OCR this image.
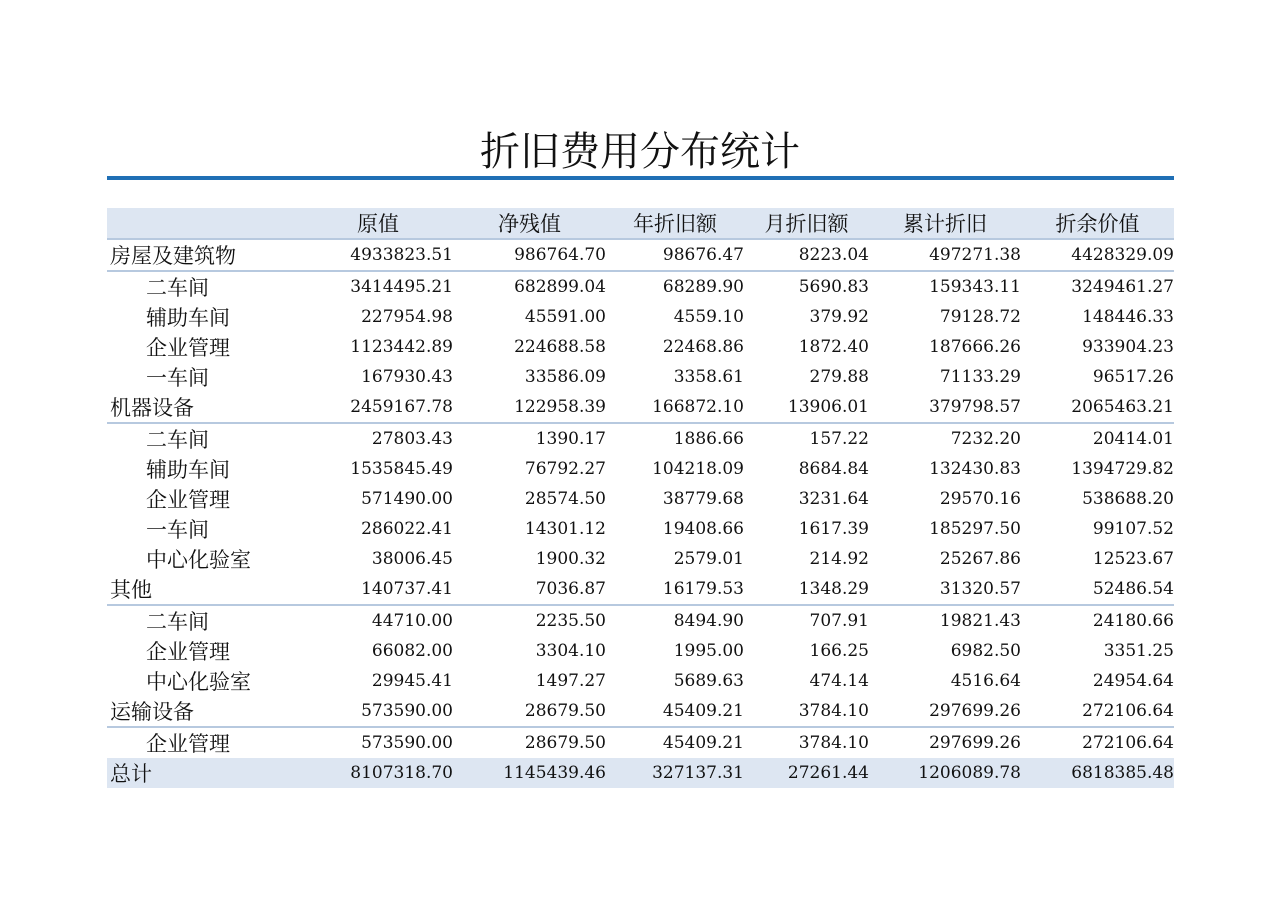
折旧费用分布统计
	原值	净残值	年折旧额	月折旧额	累计折旧	折余价值
房屋及建筑物	4933823.51	986764.70	98676.47	8223.04	497271.38	4428329.09
二车间	3414495.21	682899.04	68289.90	5690.83	159343.11	3249461.27
辅助车间	227954.98	45591.00	4559.10	379.92	79128.72	148446.33
企业管理	1123442.89	224688.58	22468.86	1872.40	187666.26	933904.23
一车间	167930.43	33586.09	3358.61	279.88	71133.29	96517.26
机器设备	2459167.78	122958.39	166872.10	13906.01	379798.57	2065463.21
二车间	27803.43	1390.17	1886.66	157.22	7232.20	20414.01
辅助车间	1535845.49	76792.27	104218.09	8684.84	132430.83	1394729.82
企业管理	571490.00	28574.50	38779.68	3231.64	29570.16	538688.20
一车间	286022.41	14301.12	19408.66	1617.39	185297.50	99107.52
中心化验室	38006.45	1900.32	2579.01	214.92	25267.86	12523.67
其他	140737.41	7036.87	16179.53	1348.29	31320.57	52486.54
二车间	44710.00	2235.50	8494.90	707.91	19821.43	24180.66
企业管理	66082.00	3304.10	1995.00	166.25	6982.50	3351.25
中心化验室	29945.41	1497.27	5689.63	474.14	4516.64	24954.64
运输设备	573590.00	28679.50	45409.21	3784.10	297699.26	272106.64
企业管理	573590.00	28679.50	45409.21	3784.10	297699.26	272106.64
总计	8107318.70	1145439.46	327137.31	27261.44	1206089.78	6818385.48
